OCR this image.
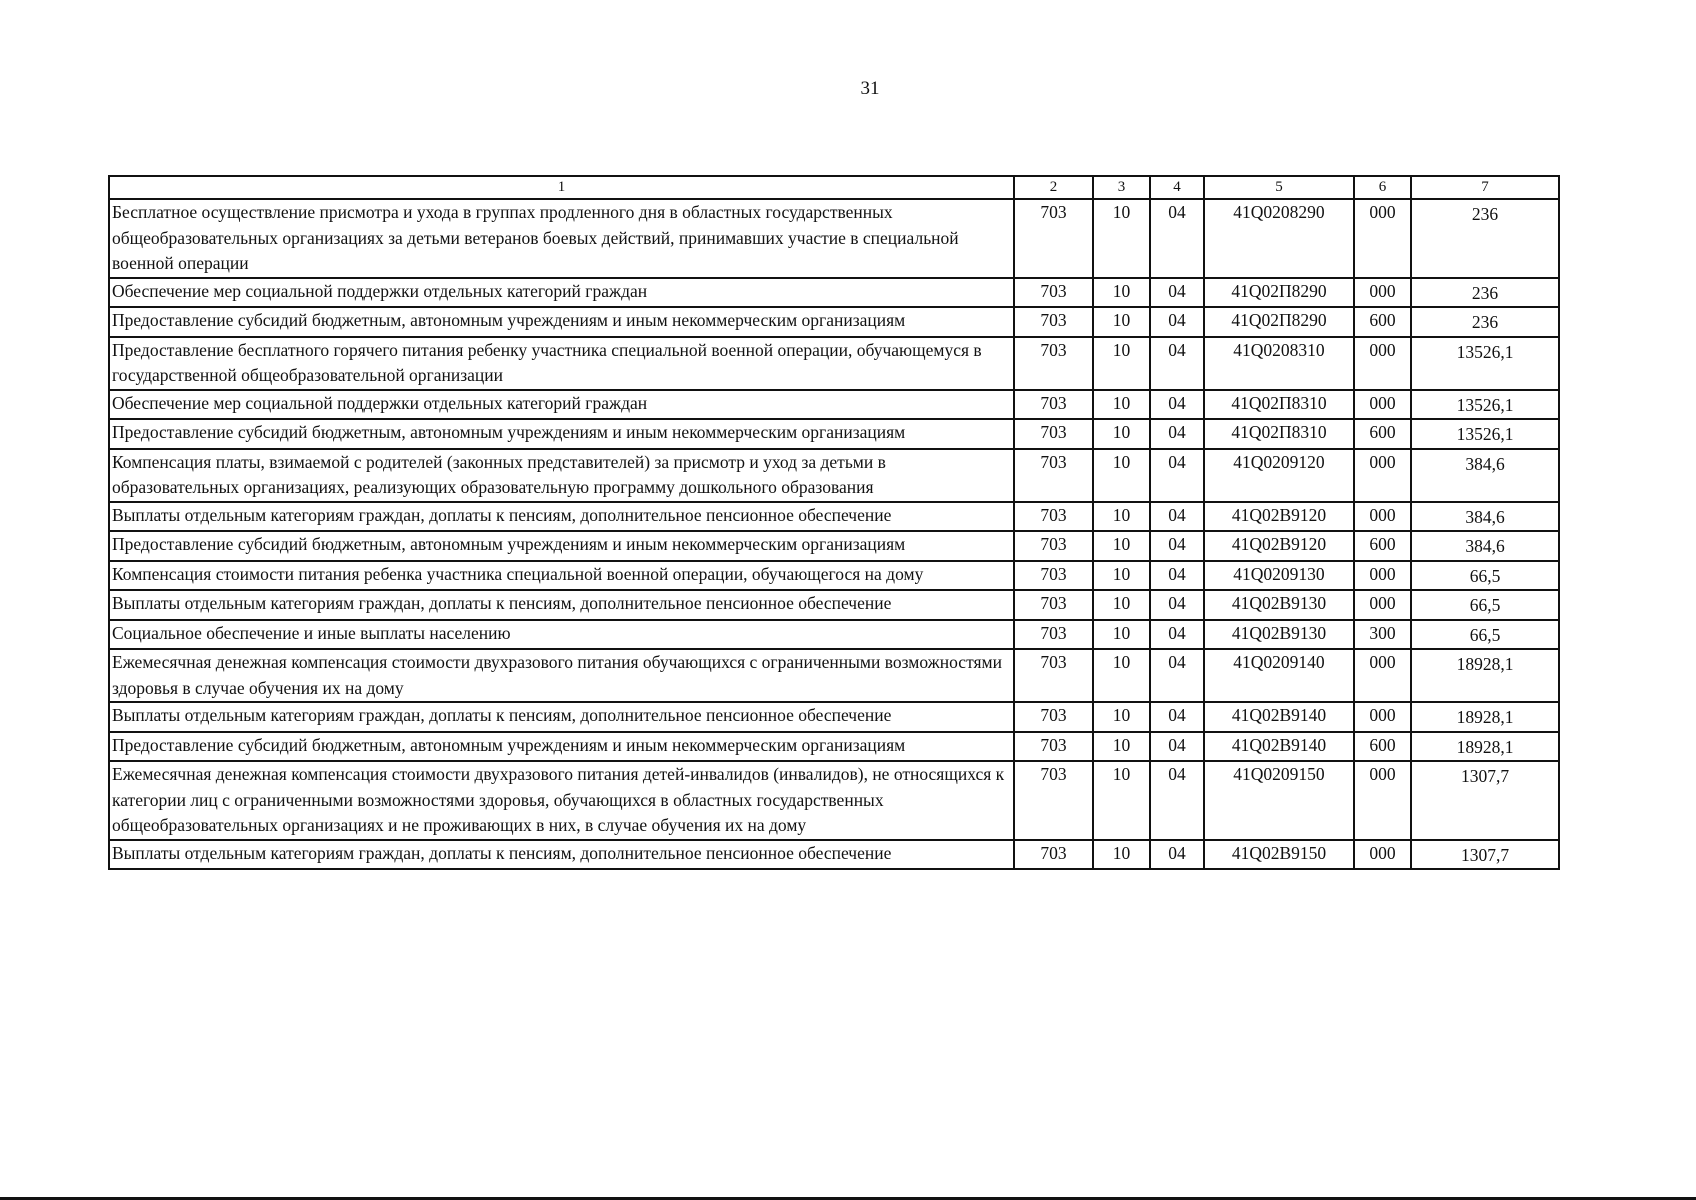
31
1	2	3	4	5	6	7
Бесплатное осуществление присмотра и ухода в группах продленного дня в областных государственных общеобразовательных организациях за детьми ветеранов боевых действий, принимавших участие в специальной военной операции	703	10	04	41Q0208290	000	236
Обеспечение мер социальной поддержки отдельных категорий граждан	703	10	04	41Q02П8290	000	236
Предоставление субсидий бюджетным, автономным учреждениям и иным некоммерческим организациям	703	10	04	41Q02П8290	600	236
Предоставление бесплатного горячего питания ребенку участника специальной военной операции, обучающемуся в государственной общеобразовательной организации	703	10	04	41Q0208310	000	13526,1
Обеспечение мер социальной поддержки отдельных категорий граждан	703	10	04	41Q02П8310	000	13526,1
Предоставление субсидий бюджетным, автономным учреждениям и иным некоммерческим организациям	703	10	04	41Q02П8310	600	13526,1
Компенсация платы, взимаемой с родителей (законных представителей) за присмотр и уход за детьми в образовательных организациях, реализующих образовательную программу дошкольного образования	703	10	04	41Q0209120	000	384,6
Выплаты отдельным категориям граждан, доплаты к пенсиям, дополнительное пенсионное обеспечение	703	10	04	41Q02В9120	000	384,6
Предоставление субсидий бюджетным, автономным учреждениям и иным некоммерческим организациям	703	10	04	41Q02В9120	600	384,6
Компенсация стоимости питания ребенка участника специальной военной операции, обучающегося на дому	703	10	04	41Q0209130	000	66,5
Выплаты отдельным категориям граждан, доплаты к пенсиям, дополнительное пенсионное обеспечение	703	10	04	41Q02В9130	000	66,5
Социальное обеспечение и иные выплаты населению	703	10	04	41Q02В9130	300	66,5
Ежемесячная денежная компенсация стоимости двухразового питания обучающихся с ограниченными возможностями здоровья в случае обучения их на дому	703	10	04	41Q0209140	000	18928,1
Выплаты отдельным категориям граждан, доплаты к пенсиям, дополнительное пенсионное обеспечение	703	10	04	41Q02В9140	000	18928,1
Предоставление субсидий бюджетным, автономным учреждениям и иным некоммерческим организациям	703	10	04	41Q02В9140	600	18928,1
Ежемесячная денежная компенсация стоимости двухразового питания детей-инвалидов (инвалидов), не относящихся к категории лиц с ограниченными возможностями здоровья, обучающихся в областных государственных общеобразовательных организациях и не проживающих в них, в случае обучения их на дому	703	10	04	41Q0209150	000	1307,7
Выплаты отдельным категориям граждан, доплаты к пенсиям, дополнительное пенсионное обеспечение	703	10	04	41Q02В9150	000	1307,7
